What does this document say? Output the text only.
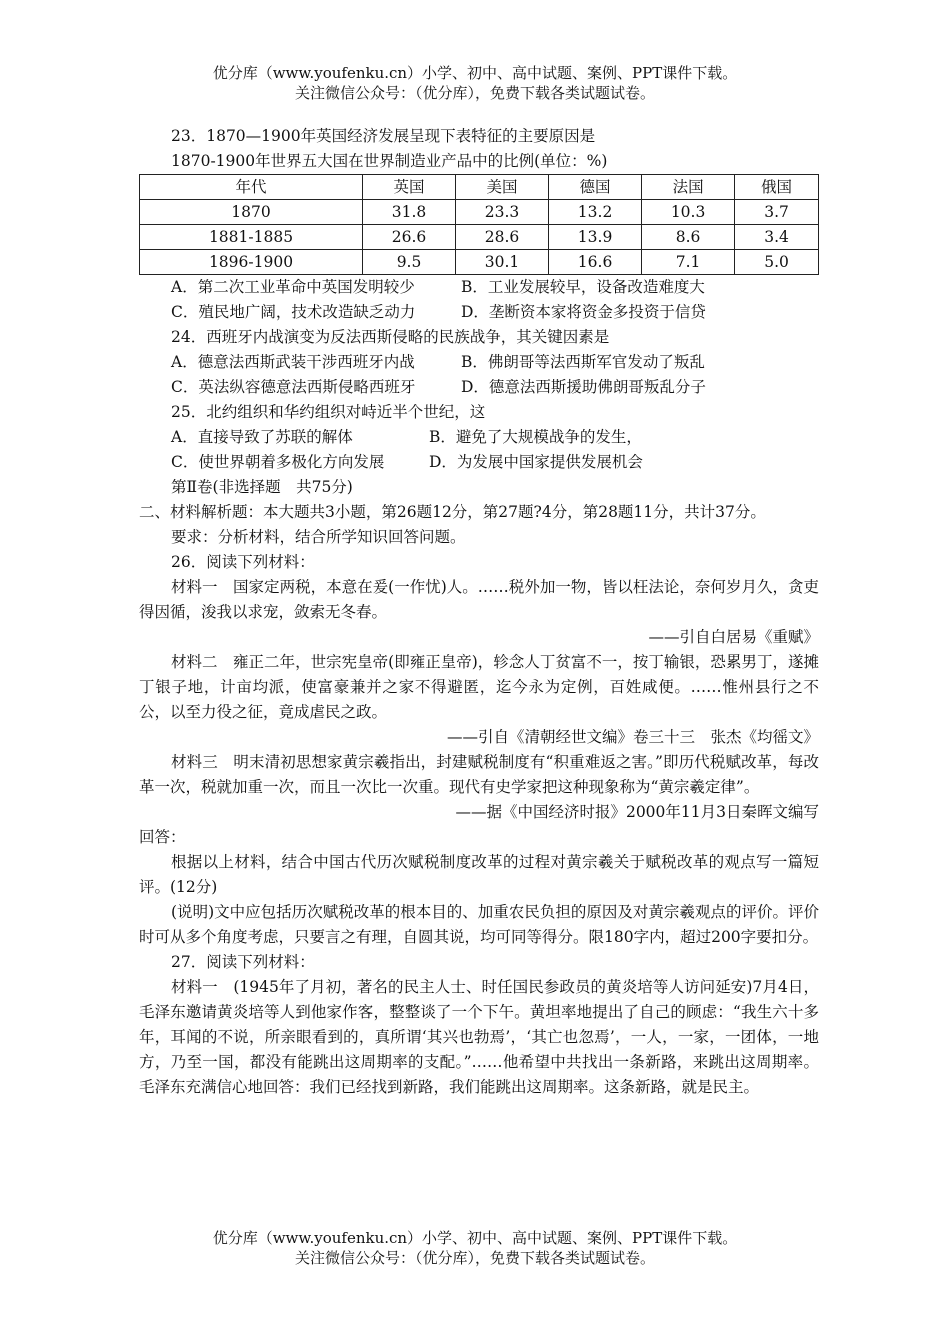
优分库（www.youfenku.cn）小学、初中、高中试题、案例、PPT课件下载。
关注微信公众号：（优分库），免费下载各类试题试卷。
23．1870—1900年英国经济发展呈现下表特征的主要原因是
1870-1900年世界五大国在世界制造业产品中的比例(单位：%)
年代	英国	美国	德国	法国	俄国
1870	31.8	23.3	13.2	10.3	3.7
1881-1885	26.6	28.6	13.9	8.6	3.4
1896-1900	9.5	30.1	16.6	7.1	5.0
A．第二次工业革命中英国发明较少	B．工业发展较早，设备改造难度大
C．殖民地广阔，技术改造缺乏动力	D．垄断资本家将资金多投资于信贷
24．西班牙内战演变为反法西斯侵略的民族战争，其关键因素是
A．德意法西斯武装干涉西班牙内战	B．佛朗哥等法西斯军官发动了叛乱
C．英法纵容德意法西斯侵略西班牙	D．德意法西斯援助佛朗哥叛乱分子
25．北约组织和华约组织对峙近半个世纪，这
A．直接导致了苏联的解体	B．避免了大规模战争的发生，
C．使世界朝着多极化方向发展	D．为发展中国家提供发展机会
第Ⅱ卷(非选择题　共75分)
二、材料解析题：本大题共3小题，第26题12分，第27题?4分，第28题11分，共计37分。
要求：分析材料，结合所学知识回答问题。
26．阅读下列材料：
材料一　国家定两税，本意在爰(一作忧)人。……税外加一物，皆以枉法论，奈何岁月久，贪吏得因循，浚我以求宠，敛索无冬春。
——引自白居易《重赋》
材料二　雍正二年，世宗宪皇帝(即雍正皇帝)，轸念人丁贫富不一，按丁输银，恐累男丁，遂摊丁银子地，计亩均派，使富豪兼并之家不得避匿，迄今永为定例，百姓咸便。……惟州县行之不公，以至力役之征，竟成虐民之政。
——引自《清朝经世文编》卷三十三　张杰《均徭文》
材料三　明末清初思想家黄宗羲指出，封建赋税制度有“积重难返之害。”即历代税赋改革，每改革一次，税就加重一次，而且一次比一次重。现代有史学家把这种现象称为“黄宗羲定律”。
——据《中国经济时报》2000年11月3日秦晖文编写
回答：
根据以上材料，结合中国古代历次赋税制度改革的过程对黄宗羲关于赋税改革的观点写一篇短评。(12分)
(说明)文中应包括历次赋税改革的根本目的、加重农民负担的原因及对黄宗羲观点的评价。评价时可从多个角度考虑，只要言之有理，自圆其说，均可同等得分。限180字内，超过200字要扣分。
27．阅读下列材料：
材料一　(1945年了月初，著名的民主人士、时任国民参政员的黄炎培等人访问延安)7月4日，毛泽东邀请黄炎培等人到他家作客，整整谈了一个下午。黄坦率地提出了自己的顾虑：“我生六十多年，耳闻的不说，所亲眼看到的，真所谓‘其兴也勃焉’，‘其亡也忽焉’，一人，一家，一团体，一地方，乃至一国，都没有能跳出这周期率的支配。”……他希望中共找出一条新路，来跳出这周期率。毛泽东充满信心地回答：我们已经找到新路，我们能跳出这周期率。这条新路，就是民主。
优分库（www.youfenku.cn）小学、初中、高中试题、案例、PPT课件下载。
关注微信公众号：（优分库），免费下载各类试题试卷。
